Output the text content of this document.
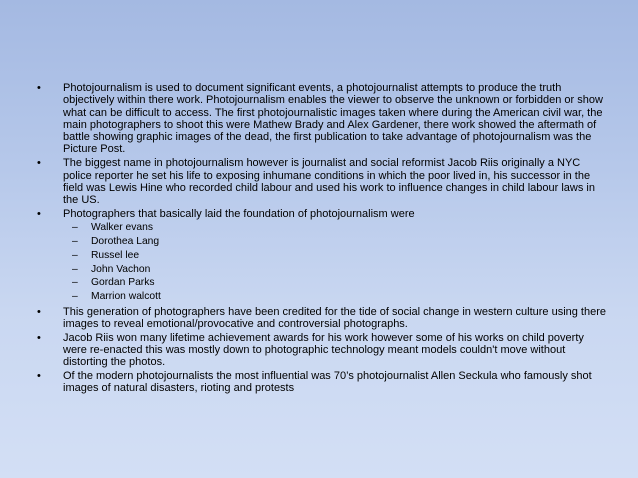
• Photojournalism is used to document significant events, a photojournalist attempts to produce the truth objectively within there work. Photojournalism enables the viewer to observe the unknown or forbidden or show what can be difficult to access. The first photojournalistic images taken where during the American civil war, the main photographers to shoot this were Mathew Brady and Alex Gardener, there work showed the aftermath of battle showing graphic images of the dead, the first publication to take advantage of photojournalism was the Picture Post.
• The biggest name in photojournalism however is journalist and social reformist Jacob Riis originally a NYC police reporter he set his life to exposing inhumane conditions in which the poor lived in, his successor in the field was Lewis Hine who recorded child labour and used his work to influence changes in child labour laws in the US.
• Photographers that basically laid the foundation of photojournalism were
– Walker evans
– Dorothea Lang
– Russel lee
– John Vachon
– Gordan Parks
– Marrion walcott
• This generation of photographers have been credited for the tide of social change in western culture using there images to reveal emotional/provocative and controversial photographs.
• Jacob Riis won many lifetime achievement awards for his work however some of his works on child poverty were re-enacted this was mostly down to photographic technology meant models couldn't move without distorting the photos.
• Of the modern photojournalists the most influential was 70’s photojournalist Allen Seckula who famously shot images of natural disasters, rioting and protests
